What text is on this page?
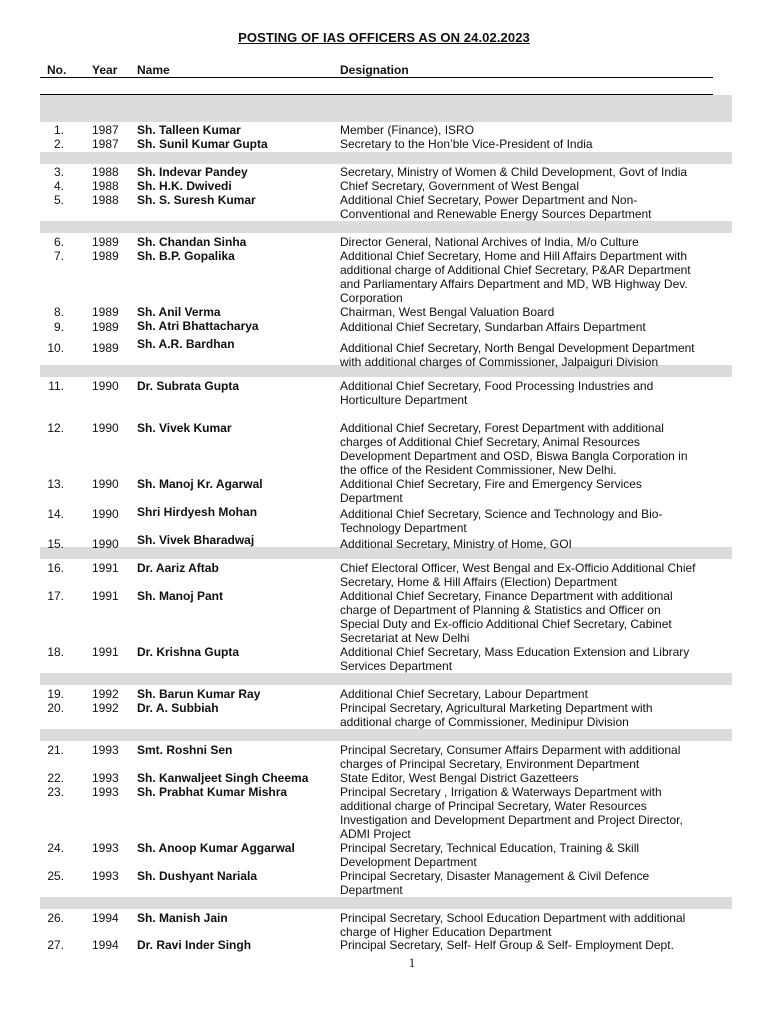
POSTING OF IAS OFFICERS AS ON 24.02.2023
No. Year Name	Designation
1. 1987 Sh. Talleen Kumar	Member (Finance), ISRO
2. 1987 Sh. Sunil Kumar Gupta	Secretary to the Hon’ble Vice-President of India
3. 1988 Sh. Indevar Pandey	Secretary, Ministry of Women & Child Development, Govt of India
4. 1988 Sh. H.K. Dwivedi	Chief Secretary, Government of West Bengal
5. 1988 Sh. S. Suresh Kumar	Additional Chief Secretary, Power Department and Non-
Conventional and Renewable Energy Sources Department
6. 1989 Sh. Chandan Sinha	Director General, National Archives of India, M/o Culture
7. 1989 Sh. B.P. Gopalika	Additional Chief Secretary, Home and Hill Affairs Department with
additional charge of Additional Chief Secretary, P&AR Department
and Parliamentary Affairs Department and MD, WB Highway Dev.
Corporation
8. 1989 Sh. Anil Verma	Chairman, West Bengal Valuation Board
9. 1989 Sh. Atri Bhattacharya	Additional Chief Secretary, Sundarban Affairs Department
10. 1989 Sh. A.R. Bardhan	Additional Chief Secretary, North Bengal Development Department
with additional charges of Commissioner, Jalpaiguri Division
11. 1990 Dr. Subrata Gupta	Additional Chief Secretary, Food Processing Industries and
Horticulture Department
12. 1990 Sh. Vivek Kumar	Additional Chief Secretary, Forest Department with additional
charges of Additional Chief Secretary, Animal Resources
Development Department and OSD, Biswa Bangla Corporation in
the office of the Resident Commissioner, New Delhi.
13. 1990 Sh. Manoj Kr. Agarwal	Additional Chief Secretary, Fire and Emergency Services
Department
14. 1990 Shri Hirdyesh Mohan	Additional Chief Secretary, Science and Technology and Bio-
Technology Department
15. 1990 Sh. Vivek Bharadwaj	Additional Secretary, Ministry of Home, GOI
16. 1991 Dr. Aariz Aftab	Chief Electoral Officer, West Bengal and Ex-Officio Additional Chief
Secretary, Home & Hill Affairs (Election) Department
17. 1991 Sh. Manoj Pant	Additional Chief Secretary, Finance Department with additional
charge of Department of Planning & Statistics and Officer on
Special Duty and Ex-officio Additional Chief Secretary, Cabinet
Secretariat at New Delhi
18. 1991 Dr. Krishna Gupta	Additional Chief Secretary, Mass Education Extension and Library
Services Department
19. 1992 Sh. Barun Kumar Ray	Additional Chief Secretary, Labour Department
20. 1992 Dr. A. Subbiah	Principal Secretary, Agricultural Marketing Department with
additional charge of Commissioner, Medinipur Division
21. 1993 Smt. Roshni Sen	Principal Secretary, Consumer Affairs Deparment with additional
charges of Principal Secretary, Environment Department
22. 1993 Sh. Kanwaljeet Singh Cheema	State Editor, West Bengal District Gazetteers
23. 1993 Sh. Prabhat Kumar Mishra	Principal Secretary , Irrigation & Waterways Department with
additional charge of Principal Secretary, Water Resources
Investigation and Development Department and Project Director,
ADMI Project
24. 1993 Sh. Anoop Kumar Aggarwal	Principal Secretary, Technical Education, Training & Skill
Development Department
25. 1993 Sh. Dushyant Nariala	Principal Secretary, Disaster Management & Civil Defence
Department
26. 1994 Sh. Manish Jain	Principal Secretary, School Education Department with additional
charge of Higher Education Department
27. 1994 Dr. Ravi Inder Singh	Principal Secretary, Self- Helf Group & Self- Employment Dept.
1
